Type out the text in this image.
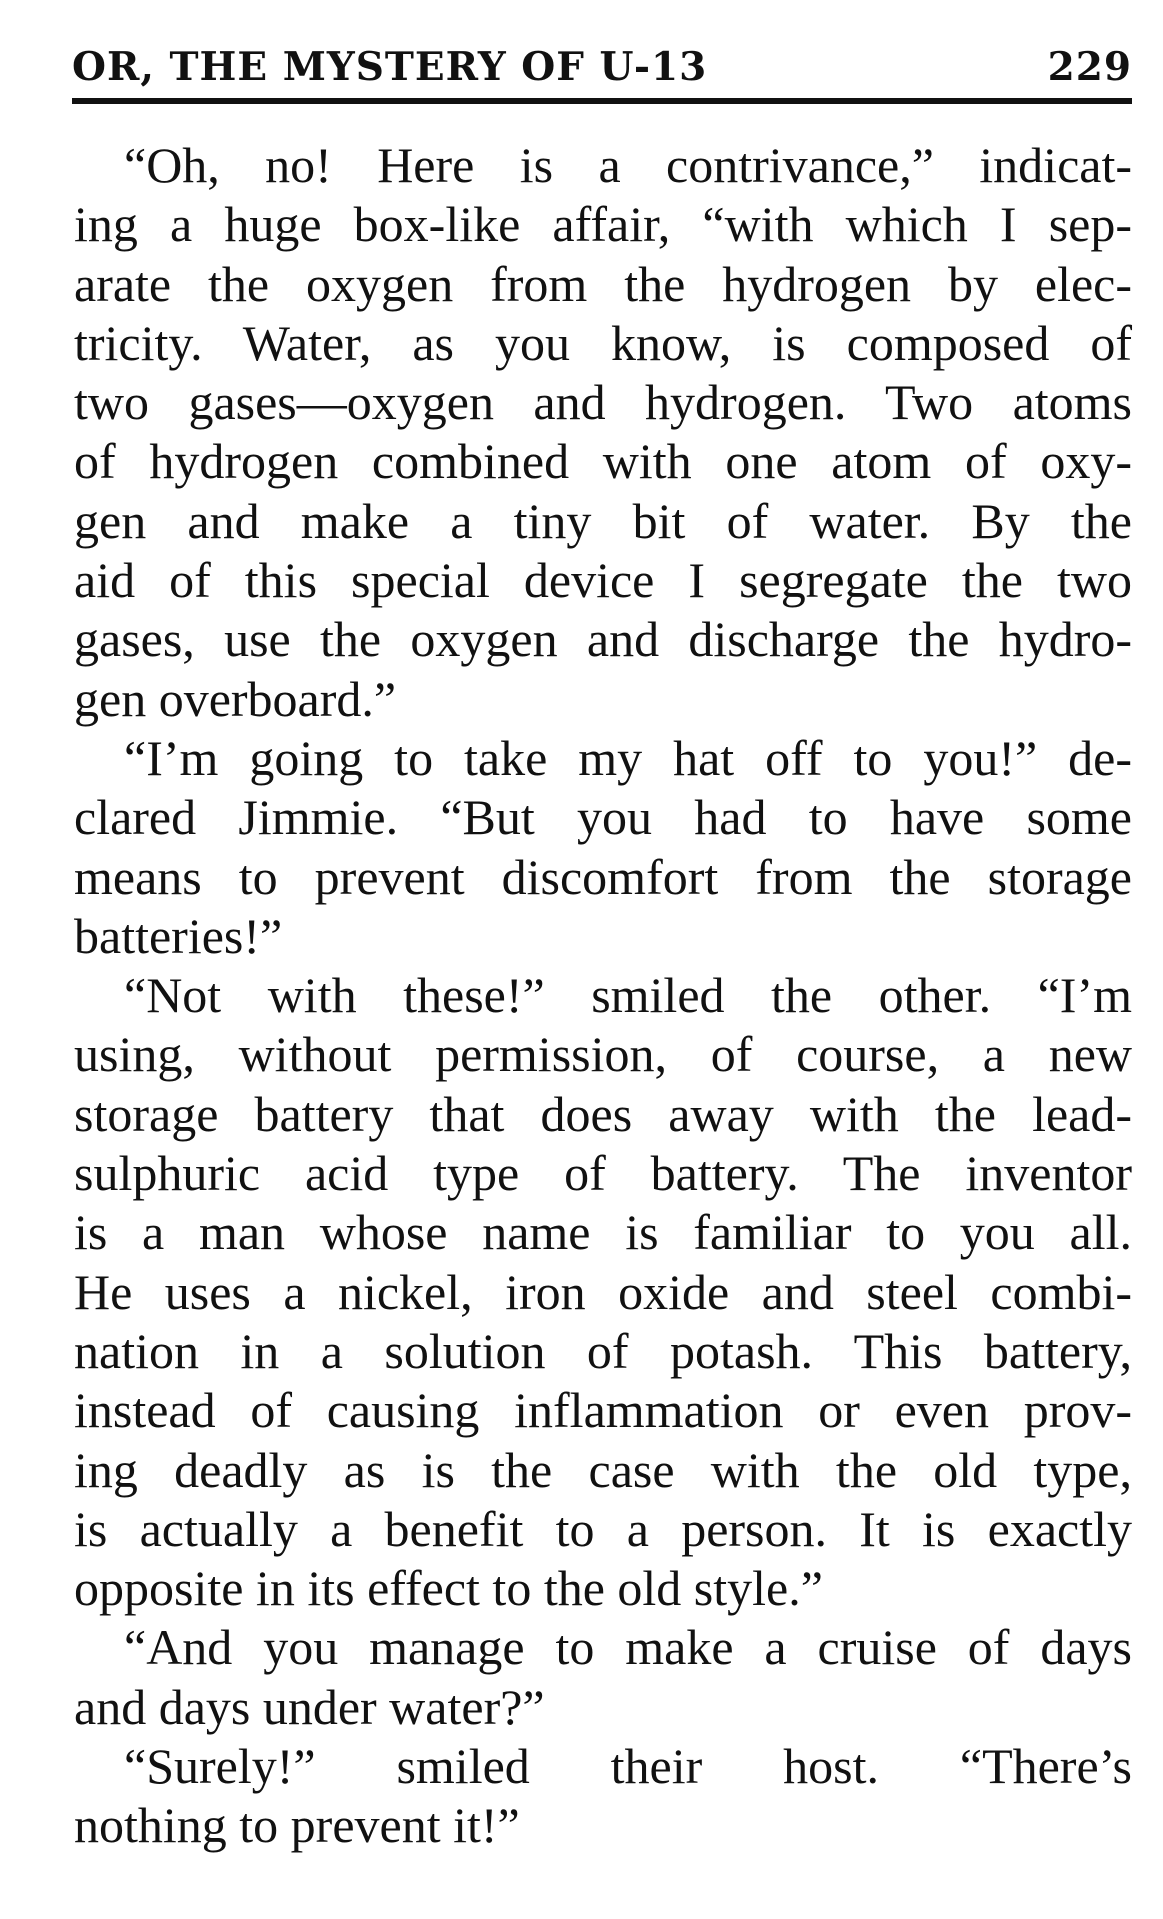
OR, THE MYSTERY OF U-13	229

“Oh, no! Here is a contrivance,” indicat-
ing a huge box-like affair, “with which I sep-
arate the oxygen from the hydrogen by elec-
tricity. Water, as you know, is composed of
two gases—oxygen and hydrogen. Two atoms
of hydrogen combined with one atom of oxy-
gen and make a tiny bit of water. By the
aid of this special device I segregate the two
gases, use the oxygen and discharge the hydro-
gen overboard.”

“I’m going to take my hat off to you!” de-
clared Jimmie. “But you had to have some
means to prevent discomfort from the storage
batteries!”

“Not with these!” smiled the other. “I’m
using, without permission, of course, a new
storage battery that does away with the lead-
sulphuric acid type of battery. The inventor
is a man whose name is familiar to you all.
He uses a nickel, iron oxide and steel combi-
nation in a solution of potash. This battery,
instead of causing inflammation or even prov-
ing deadly as is the case with the old type,
is actually a benefit to a person. It is exactly
opposite in its effect to the old style.”

“And you manage to make a cruise of days
and days under water?”

“Surely!” smiled their host. “There’s
nothing to prevent it!”
